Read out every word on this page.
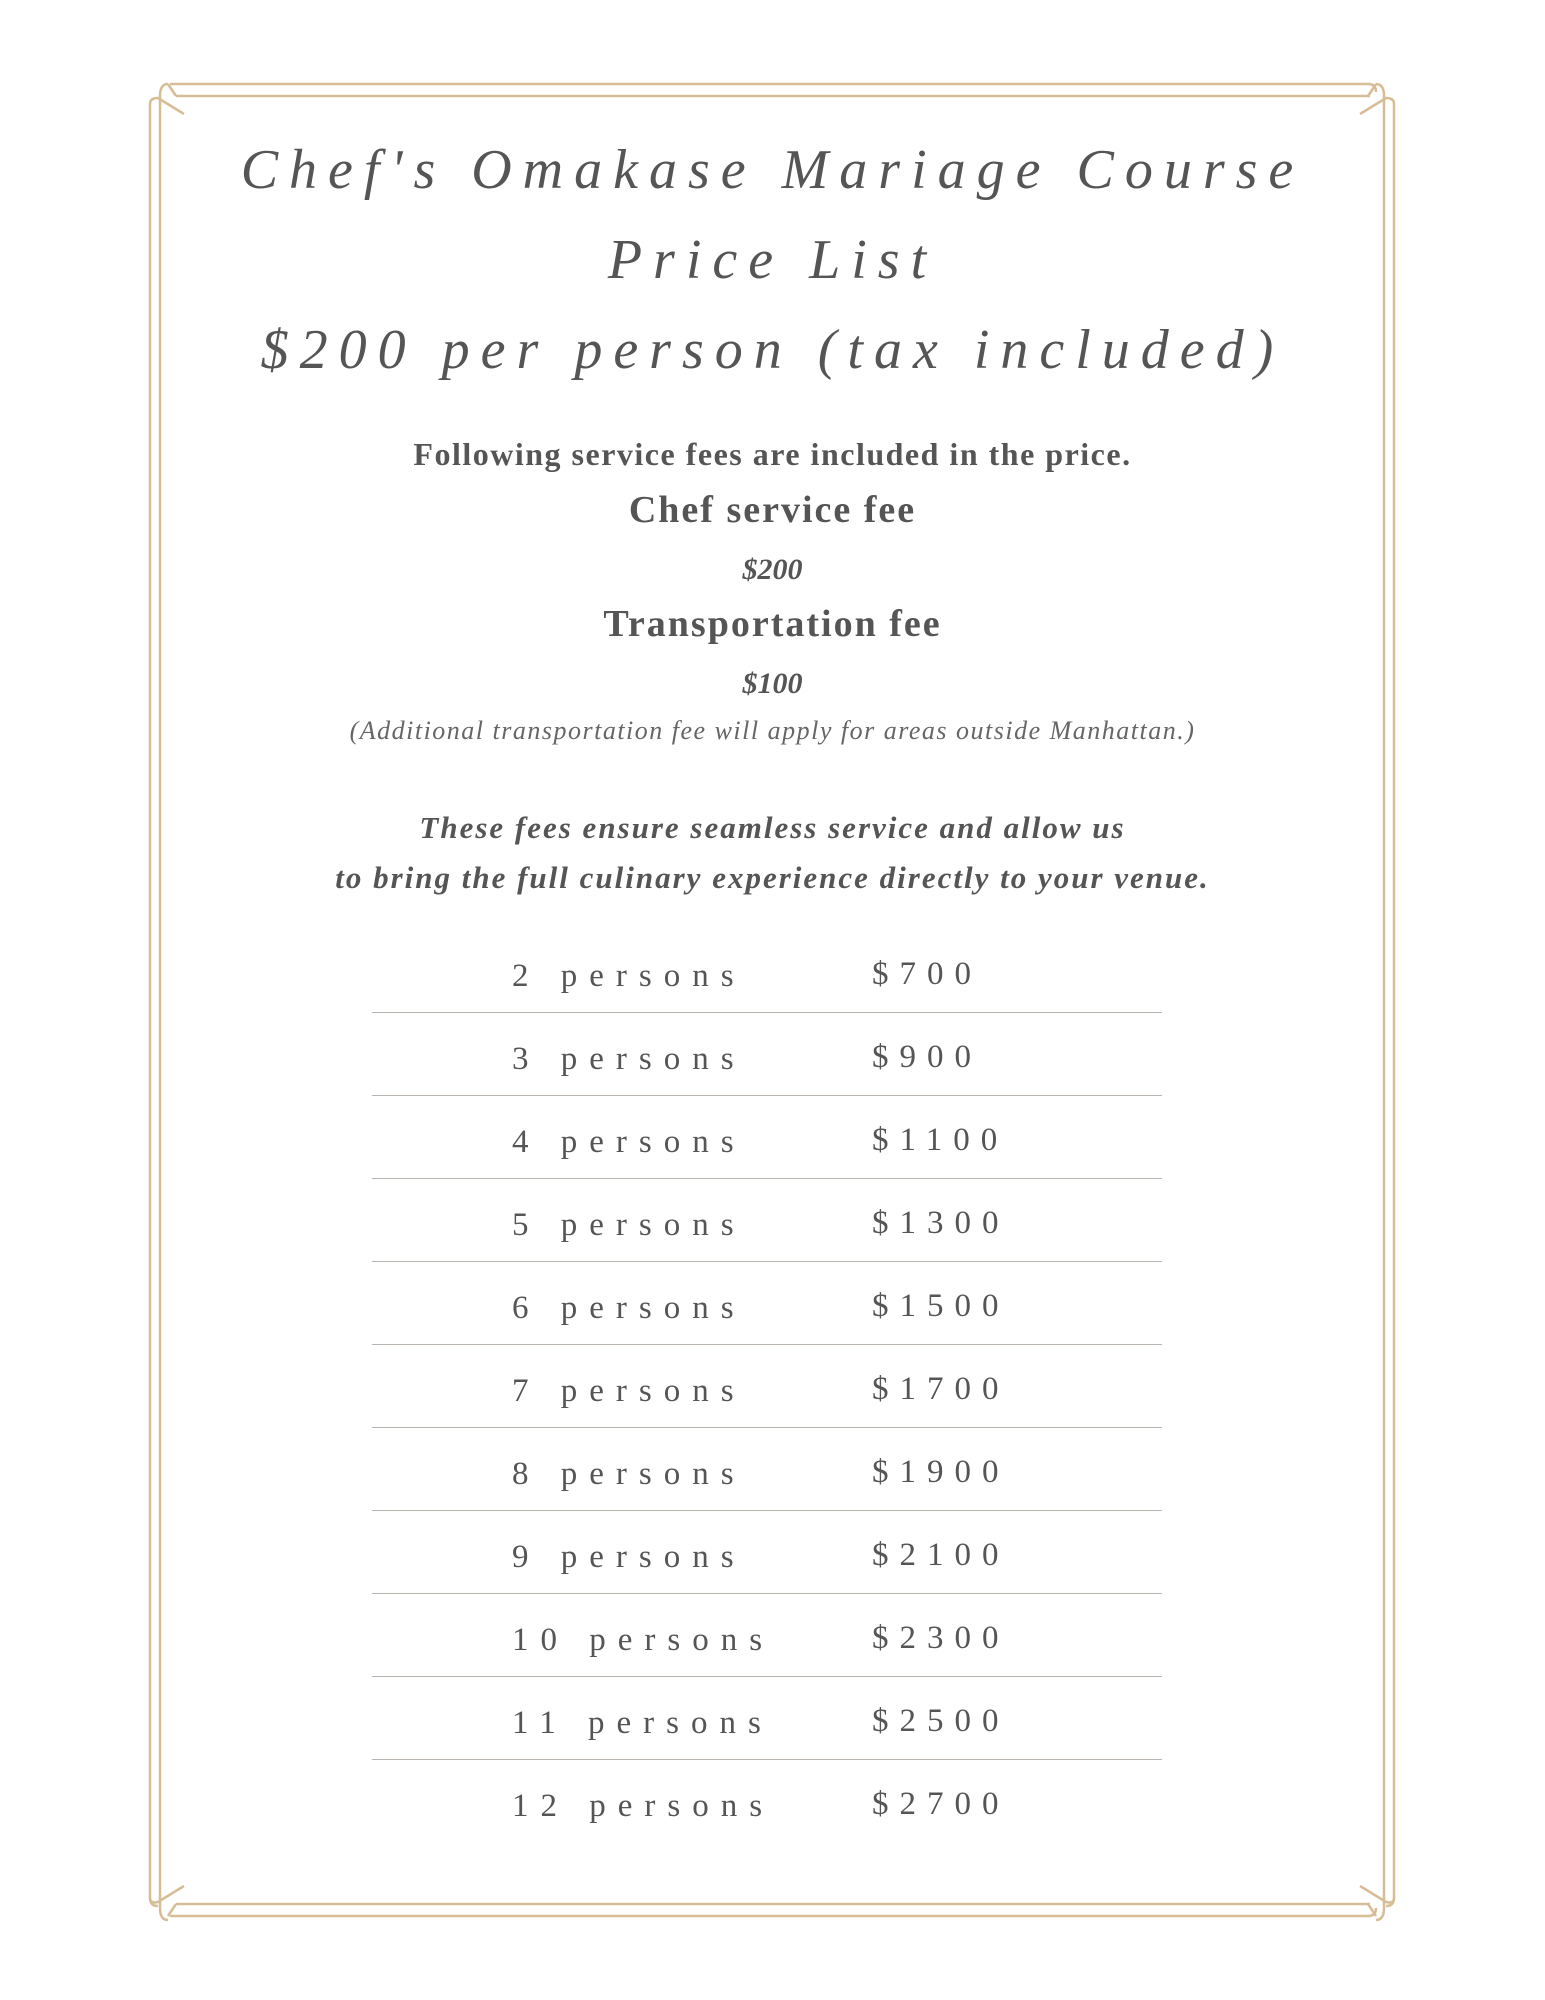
Chef's Omakase Mariage Course
Price List
$200 per person (tax included)
Following service fees are included in the price.
Chef service fee
$200
Transportation fee
$100
(Additional transportation fee will apply for areas outside Manhattan.)
These fees ensure seamless service and allow us
to bring the full culinary experience directly to your venue.
2 persons	$700
3 persons	$900
4 persons	$1100
5 persons	$1300
6 persons	$1500
7 persons	$1700
8 persons	$1900
9 persons	$2100
10 persons	$2300
11 persons	$2500
12 persons	$2700
